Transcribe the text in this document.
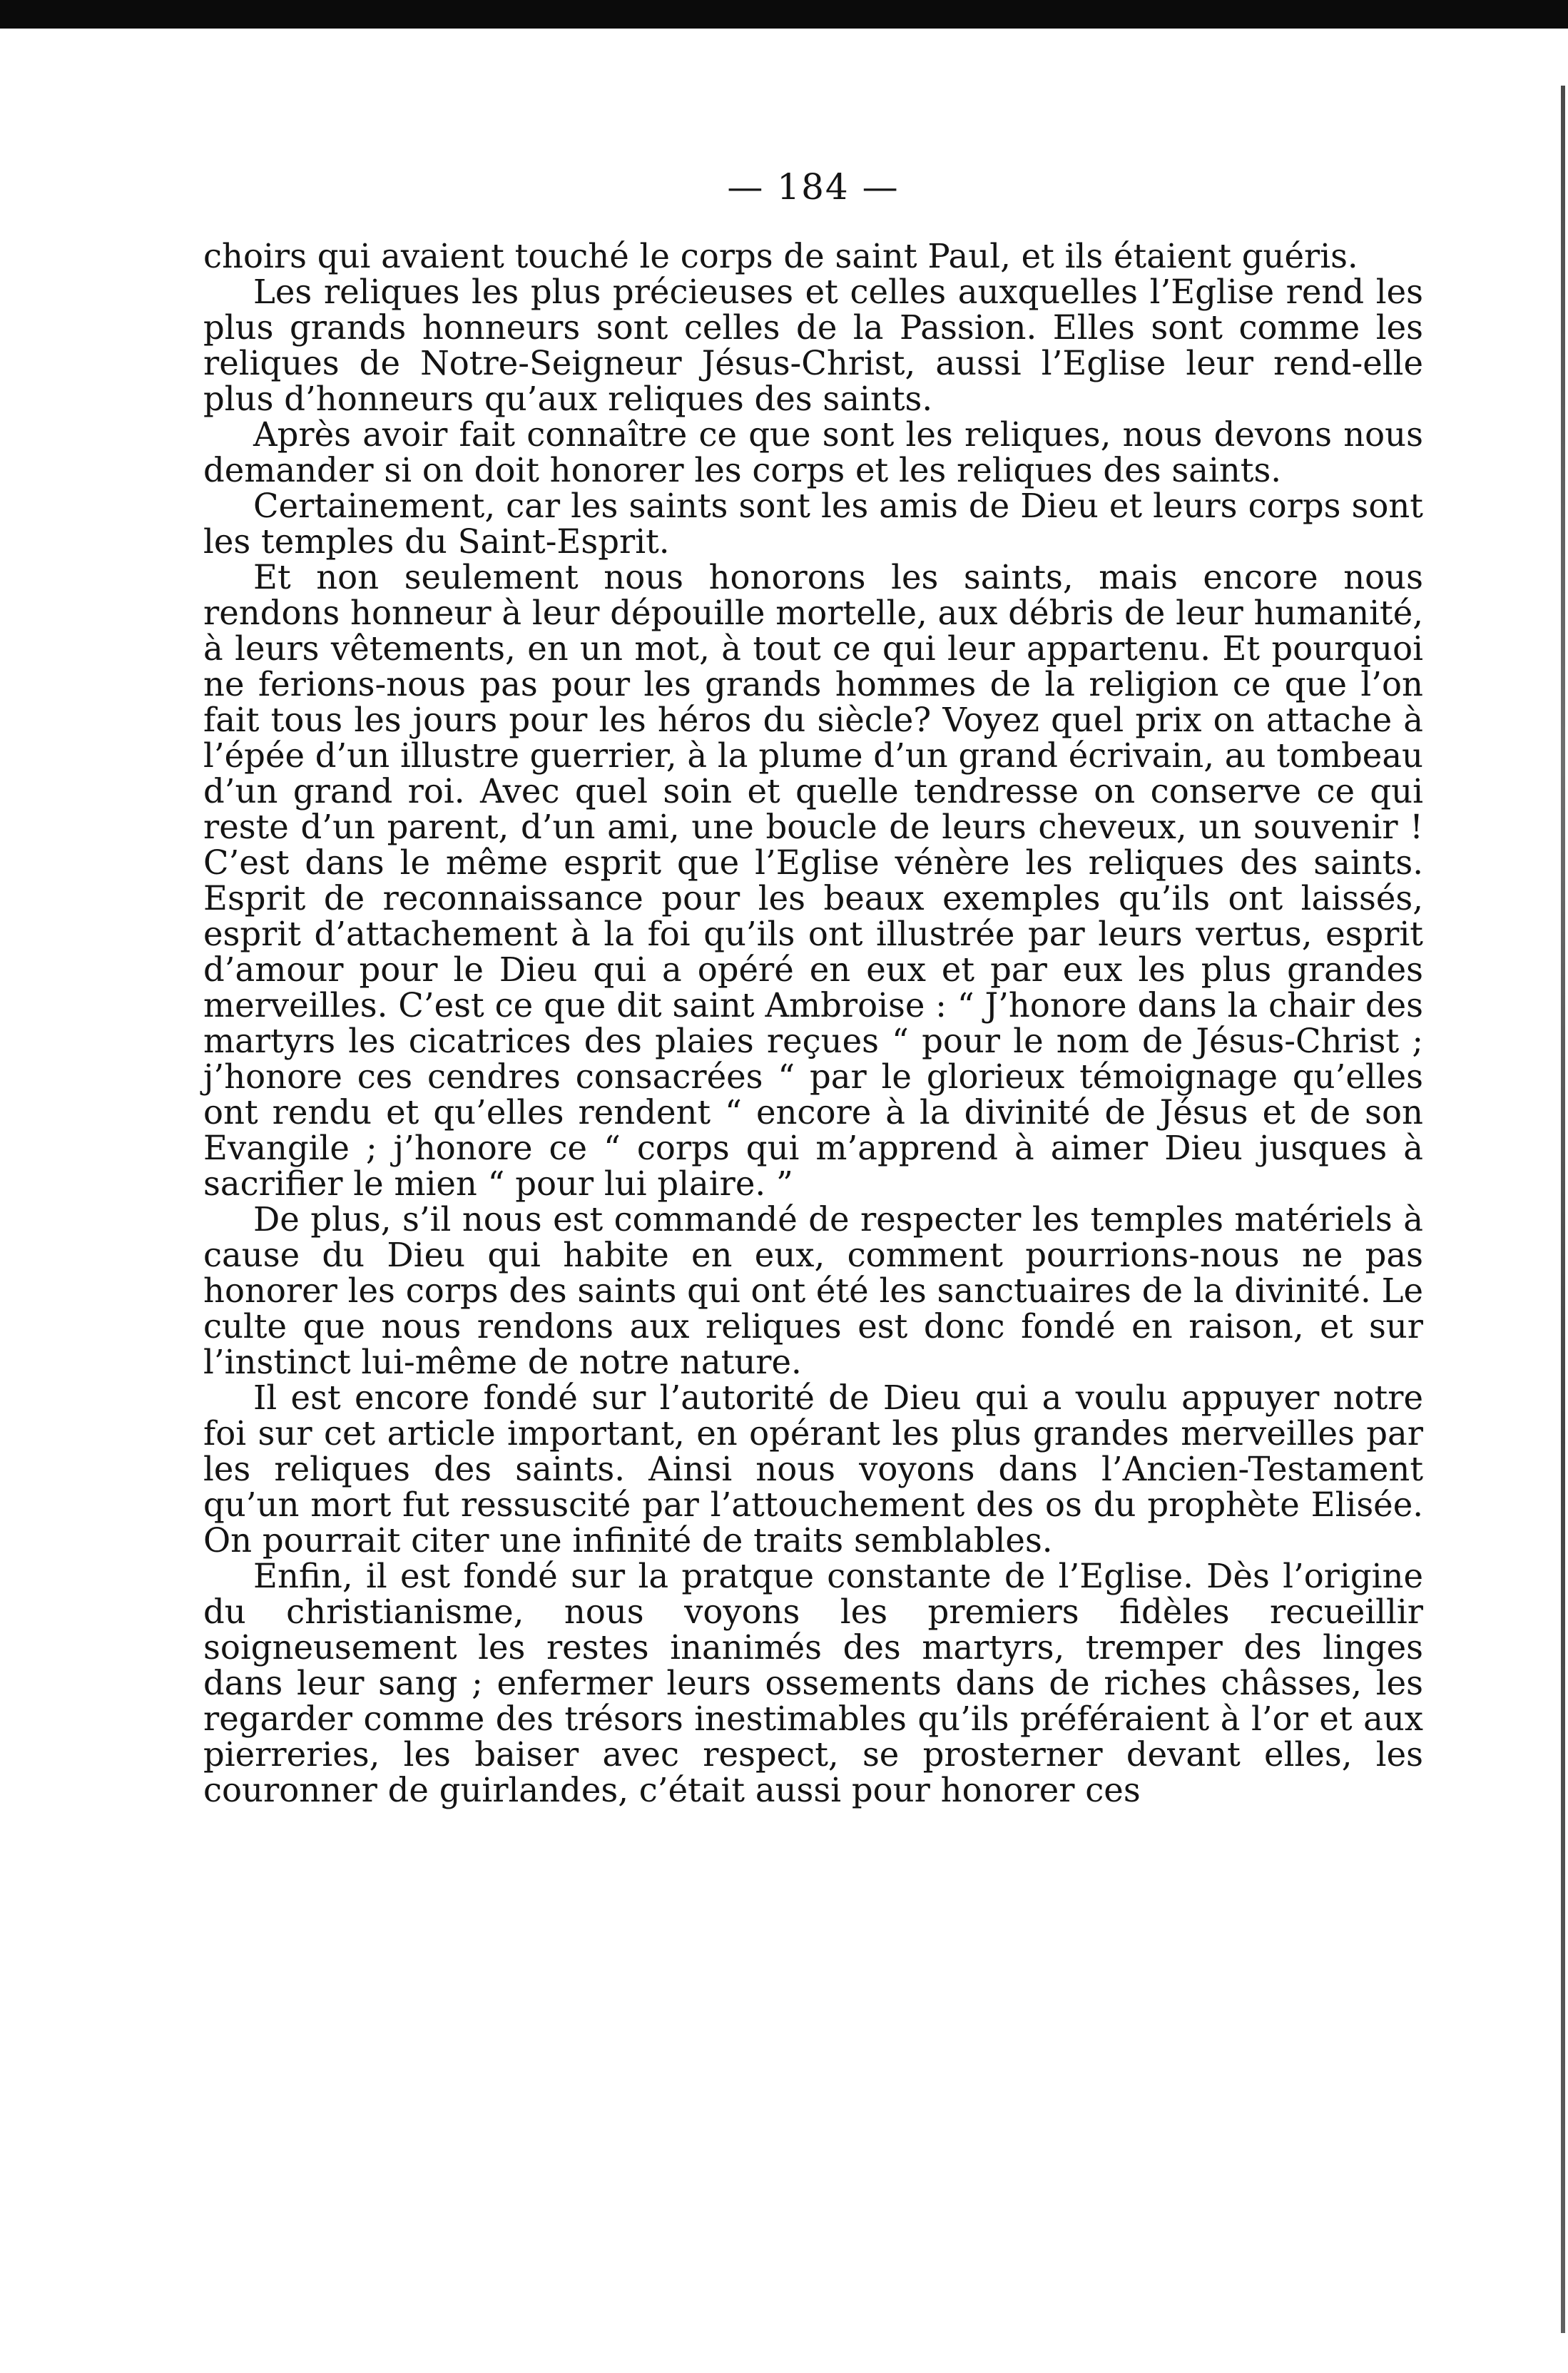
— 184 —

choirs qui avaient touché le corps de saint Paul, et ils étaient guéris.

Les reliques les plus précieuses et celles auxquelles l’Eglise rend les plus grands honneurs sont celles de la Passion. Elles sont comme les reliques de Notre-Seigneur Jésus-Christ, aussi l’Eglise leur rend-elle plus d’honneurs qu’aux reliques des saints.

Après avoir fait connaître ce que sont les reliques, nous devons nous demander si on doit honorer les corps et les reliques des saints.

Certainement, car les saints sont les amis de Dieu et leurs corps sont les temples du Saint-Esprit.

Et non seulement nous honorons les saints, mais encore nous rendons honneur à leur dépouille mortelle, aux débris de leur humanité, à leurs vêtements, en un mot, à tout ce qui leur appartenu. Et pourquoi ne ferions-nous pas pour les grands hommes de la religion ce que l’on fait tous les jours pour les héros du siècle? Voyez quel prix on attache à l’épée d’un illustre guerrier, à la plume d’un grand écrivain, au tombeau d’un grand roi. Avec quel soin et quelle tendresse on conserve ce qui reste d’un parent, d’un ami, une boucle de leurs cheveux, un souvenir ! C’est dans le même esprit que l’Eglise vénère les reliques des saints. Esprit de reconnaissance pour les beaux exemples qu’ils ont laissés, esprit d’attachement à la foi qu’ils ont illustrée par leurs vertus, esprit d’amour pour le Dieu qui a opéré en eux et par eux les plus grandes merveilles. C’est ce que dit saint Ambroise : “ J’honore dans la chair des martyrs les cicatrices des plaies reçues “ pour le nom de Jésus-Christ ; j’honore ces cendres consacrées “ par le glorieux témoignage qu’elles ont rendu et qu’elles rendent “ encore à la divinité de Jésus et de son Evangile ; j’honore ce “ corps qui m’apprend à aimer Dieu jusques à sacrifier le mien “ pour lui plaire. ”

De plus, s’il nous est commandé de respecter les temples matériels à cause du Dieu qui habite en eux, comment pourrions-nous ne pas honorer les corps des saints qui ont été les sanctuaires de la divinité. Le culte que nous rendons aux reliques est donc fondé en raison, et sur l’instinct lui-même de notre nature.

Il est encore fondé sur l’autorité de Dieu qui a voulu appuyer notre foi sur cet article important, en opérant les plus grandes merveilles par les reliques des saints. Ainsi nous voyons dans l’Ancien-Testament qu’un mort fut ressuscité par l’attouchement des os du prophète Elisée. On pourrait citer une infinité de traits semblables.

Enfin, il est fondé sur la pratque constante de l’Eglise. Dès l’origine du christianisme, nous voyons les premiers fidèles recueillir soigneusement les restes inanimés des martyrs, tremper des linges dans leur sang ; enfermer leurs ossements dans de riches châsses, les regarder comme des trésors inestimables qu’ils préféraient à l’or et aux pierreries, les baiser avec respect, se prosterner devant elles, les couronner de guirlandes, c’était aussi pour honorer ces
